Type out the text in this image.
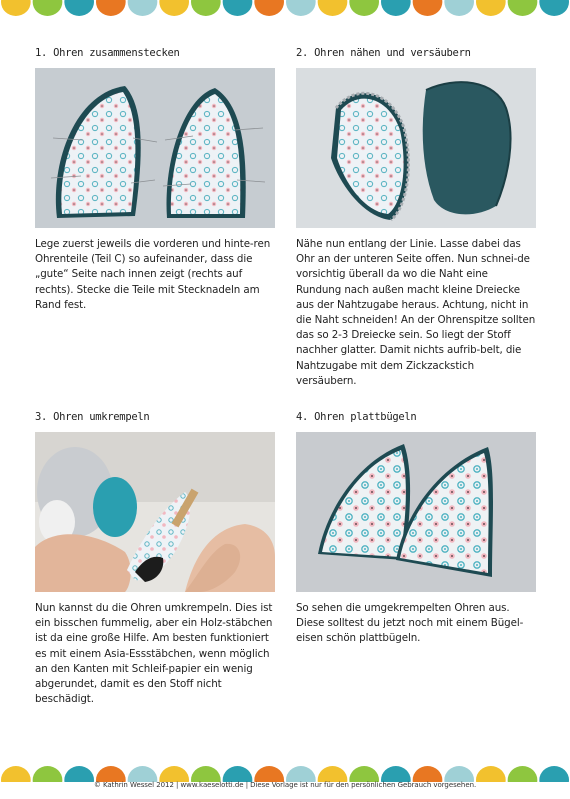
1. Ohren zusammenstecken
Lege zuerst jeweils die vorderen und hinte-ren Ohrenteile (Teil C) so aufeinander, dass die „gute“ Seite nach innen zeigt (rechts auf rechts). Stecke die Teile mit Stecknadeln am Rand fest.
2. Ohren nähen und versäubern
Nähe nun entlang der Linie. Lasse dabei das Ohr an der unteren Seite offen. Nun schnei-de vorsichtig überall da wo die Naht eine Rundung nach außen macht kleine Dreiecke aus der Nahtzugabe heraus. Achtung, nicht in die Naht schneiden! An der Ohrenspitze sollten das so 2-3 Dreiecke sein. So liegt der Stoff nachher glatter. Damit nichts aufrib-belt, die Nahtzugabe mit dem Zickzackstich versäubern.
3. Ohren umkrempeln
Nun kannst du die Ohren umkrempeln. Dies ist ein bisschen fummelig, aber ein Holz-stäbchen ist da eine große Hilfe. Am besten funktioniert es mit einem Asia-Essstäbchen, wenn möglich an den Kanten mit Schleif-papier ein wenig abgerundet, damit es den Stoff nicht beschädigt.
4. Ohren plattbügeln
So sehen die umgekrempelten Ohren aus. Diese solltest du jetzt noch mit einem Bügel-eisen schön plattbügeln.
© Kathrin Wessel 2012 | www.kaeselotti.de | Diese Vorlage ist nur für den persönlichen Gebrauch vorgesehen.
